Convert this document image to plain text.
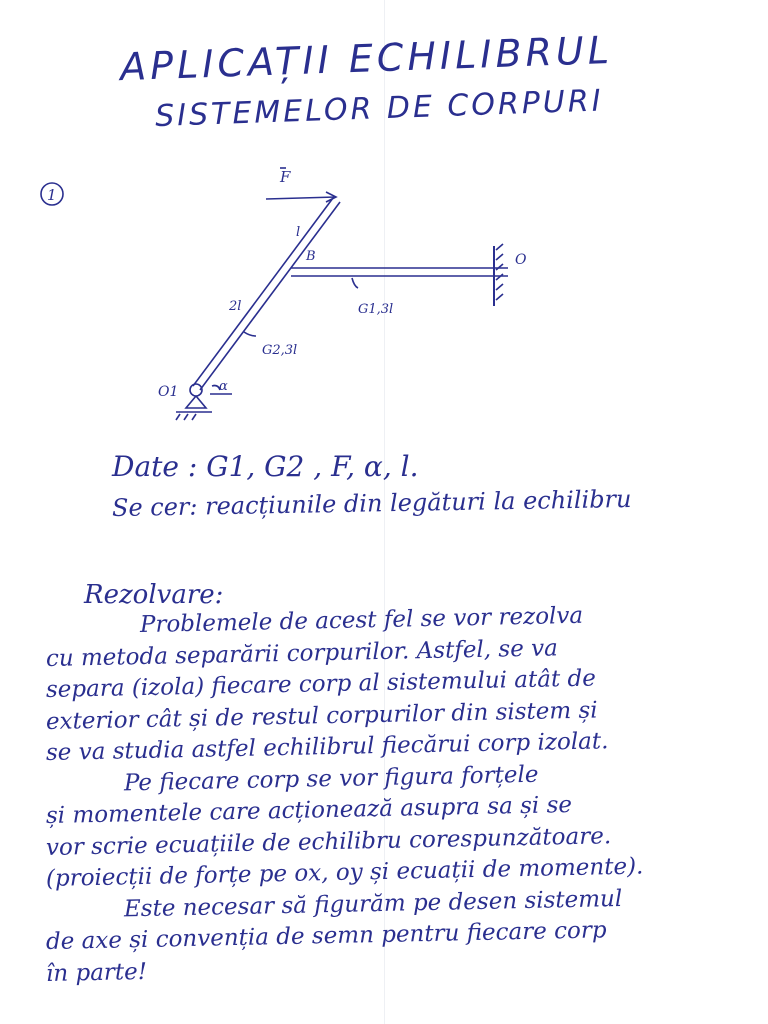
APLICAȚII ECHILIBRUL
SISTEMELOR DE CORPURI
1
F
l
2l
B	O
G1,3l
G2,3l
O1	α
Date : G1, G2 , F, α, l.
Se cer: reacțiunile din legături la echilibru
Rezolvare:
Problemele de acest fel se vor rezolva
cu metoda separării corpurilor. Astfel, se va
separa (izola) fiecare corp al sistemului atât de
exterior cât și de restul corpurilor din sistem și
se va studia astfel echilibrul fiecărui corp izolat.
Pe fiecare corp se vor figura forțele
și momentele care acționează asupra sa și se
vor scrie ecuațiile de echilibru corespunzătoare.
(proiecții de forțe pe ox, oy și ecuații de momente).
Este necesar să figurăm pe desen sistemul
de axe și convenția de semn pentru fiecare corp
în parte!
